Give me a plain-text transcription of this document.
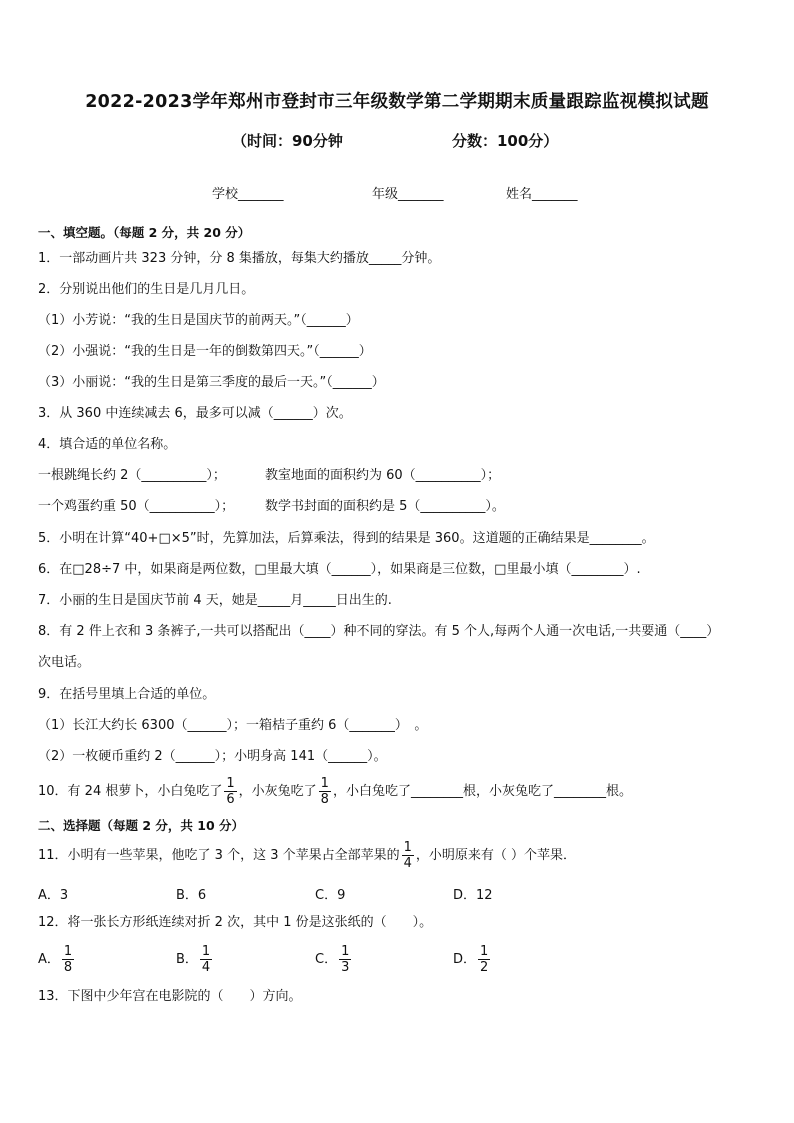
2022-2023学年郑州市登封市三年级数学第二学期期末质量跟踪监视模拟试题
（时间：90分钟	分数：100分）
学校_______	年级_______	姓名_______
一、填空题。（每题 2 分，共 20 分）
1．一部动画片共 323 分钟，分 8 集播放，每集大约播放_____分钟。
2．分别说出他们的生日是几月几日。
（1）小芳说：“我的生日是国庆节的前两天。”（______）
（2）小强说：“我的生日是一年的倒数第四天。”（______）
（3）小丽说：“我的生日是第三季度的最后一天。”（______）
3．从 360 中连续减去 6，最多可以减（______）次。
4．填合适的单位名称。
一根跳绳长约 2（__________）；	教室地面的面积约为 60（__________）；
一个鸡蛋约重 50（__________）； 数学书封面的面积约是 5（__________）。
5．小明在计算“40+□×5”时，先算加法，后算乘法，得到的结果是 360。这道题的正确结果是________。
6．在□28÷7 中，如果商是两位数，□里最大填（______），如果商是三位数，□里最小填（________）.
7．小丽的生日是国庆节前 4 天，她是_____月_____日出生的.
8．有 2 件上衣和 3 条裤子,一共可以搭配出（____）种不同的穿法。有 5 个人,每两个人通一次电话,一共要通（____）
次电话。
9．在括号里填上合适的单位。
（1）长江大约长 6300（______）；一箱桔子重约 6（_______）　。
（2）一枚硬币重约 2（______）；小明身高 141（______）。
10．有 24 根萝卜，小白兔吃了 $\frac{1}{6}$ ，小灰兔吃了 $\frac{1}{8}$ ，小白兔吃了________根，小灰兔吃了________根。
二、选择题（每题 2 分，共 10 分）
11．小明有一些苹果，他吃了 3 个，这 3 个苹果占全部苹果的 $\frac{1}{4}$ ，小明原来有（ ）个苹果．
A．3	B．6	C．9	D．12
12．将一张长方形纸连续对折 2 次，其中 1 份是这张纸的（　　）。
A． $\frac{1}{8}$	B． $\frac{1}{4}$	C． $\frac{1}{3}$	D． $\frac{1}{2}$
13．下图中少年宫在电影院的（　　）方向。
